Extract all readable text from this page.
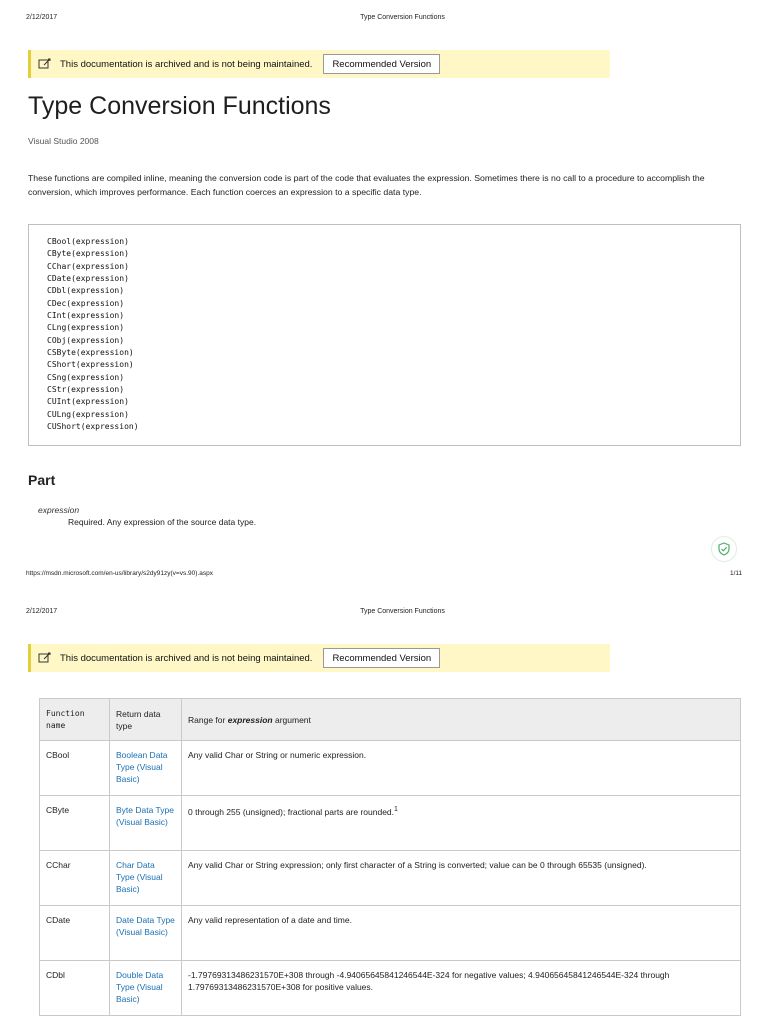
2/12/2017	Type Conversion Functions
This documentation is archived and is not being maintained.	Recommended Version
Type Conversion Functions
Visual Studio 2008

These functions are compiled inline, meaning the conversion code is part of the code that evaluates the expression. Sometimes there is no call to a procedure to accomplish the conversion, which improves performance. Each function coerces an expression to a specific data type.

CBool(expression)
CByte(expression)
CChar(expression)
CDate(expression)
CDbl(expression)
CDec(expression)
CInt(expression)
CLng(expression)
CObj(expression)
CSByte(expression)
CShort(expression)
CSng(expression)
CStr(expression)
CUInt(expression)
CULng(expression)
CUShort(expression)
Part
expression
Required. Any expression of the source data type.
https://msdn.microsoft.com/en-us/library/s2dy91zy(v=vs.90).aspx	1/11
2/12/2017	Type Conversion Functions
This documentation is archived and is not being maintained.	Recommended Version
Function name	Return data type	Range for expression argument
CBool	Boolean Data Type (Visual Basic)	Any valid Char or String or numeric expression.
CByte	Byte Data Type (Visual Basic)	0 through 255 (unsigned); fractional parts are rounded.$^1$
CChar	Char Data Type (Visual Basic)	Any valid Char or String expression; only first character of a String is converted; value can be 0 through 65535 (unsigned).
CDate	Date Data Type (Visual Basic)	Any valid representation of a date and time.
CDbl	Double Data Type (Visual Basic)	-1.79769313486231570E+308 through -4.94065645841246544E-324 for negative values; 4.94065645841246544E-324 through 1.79769313486231570E+308 for positive values.
